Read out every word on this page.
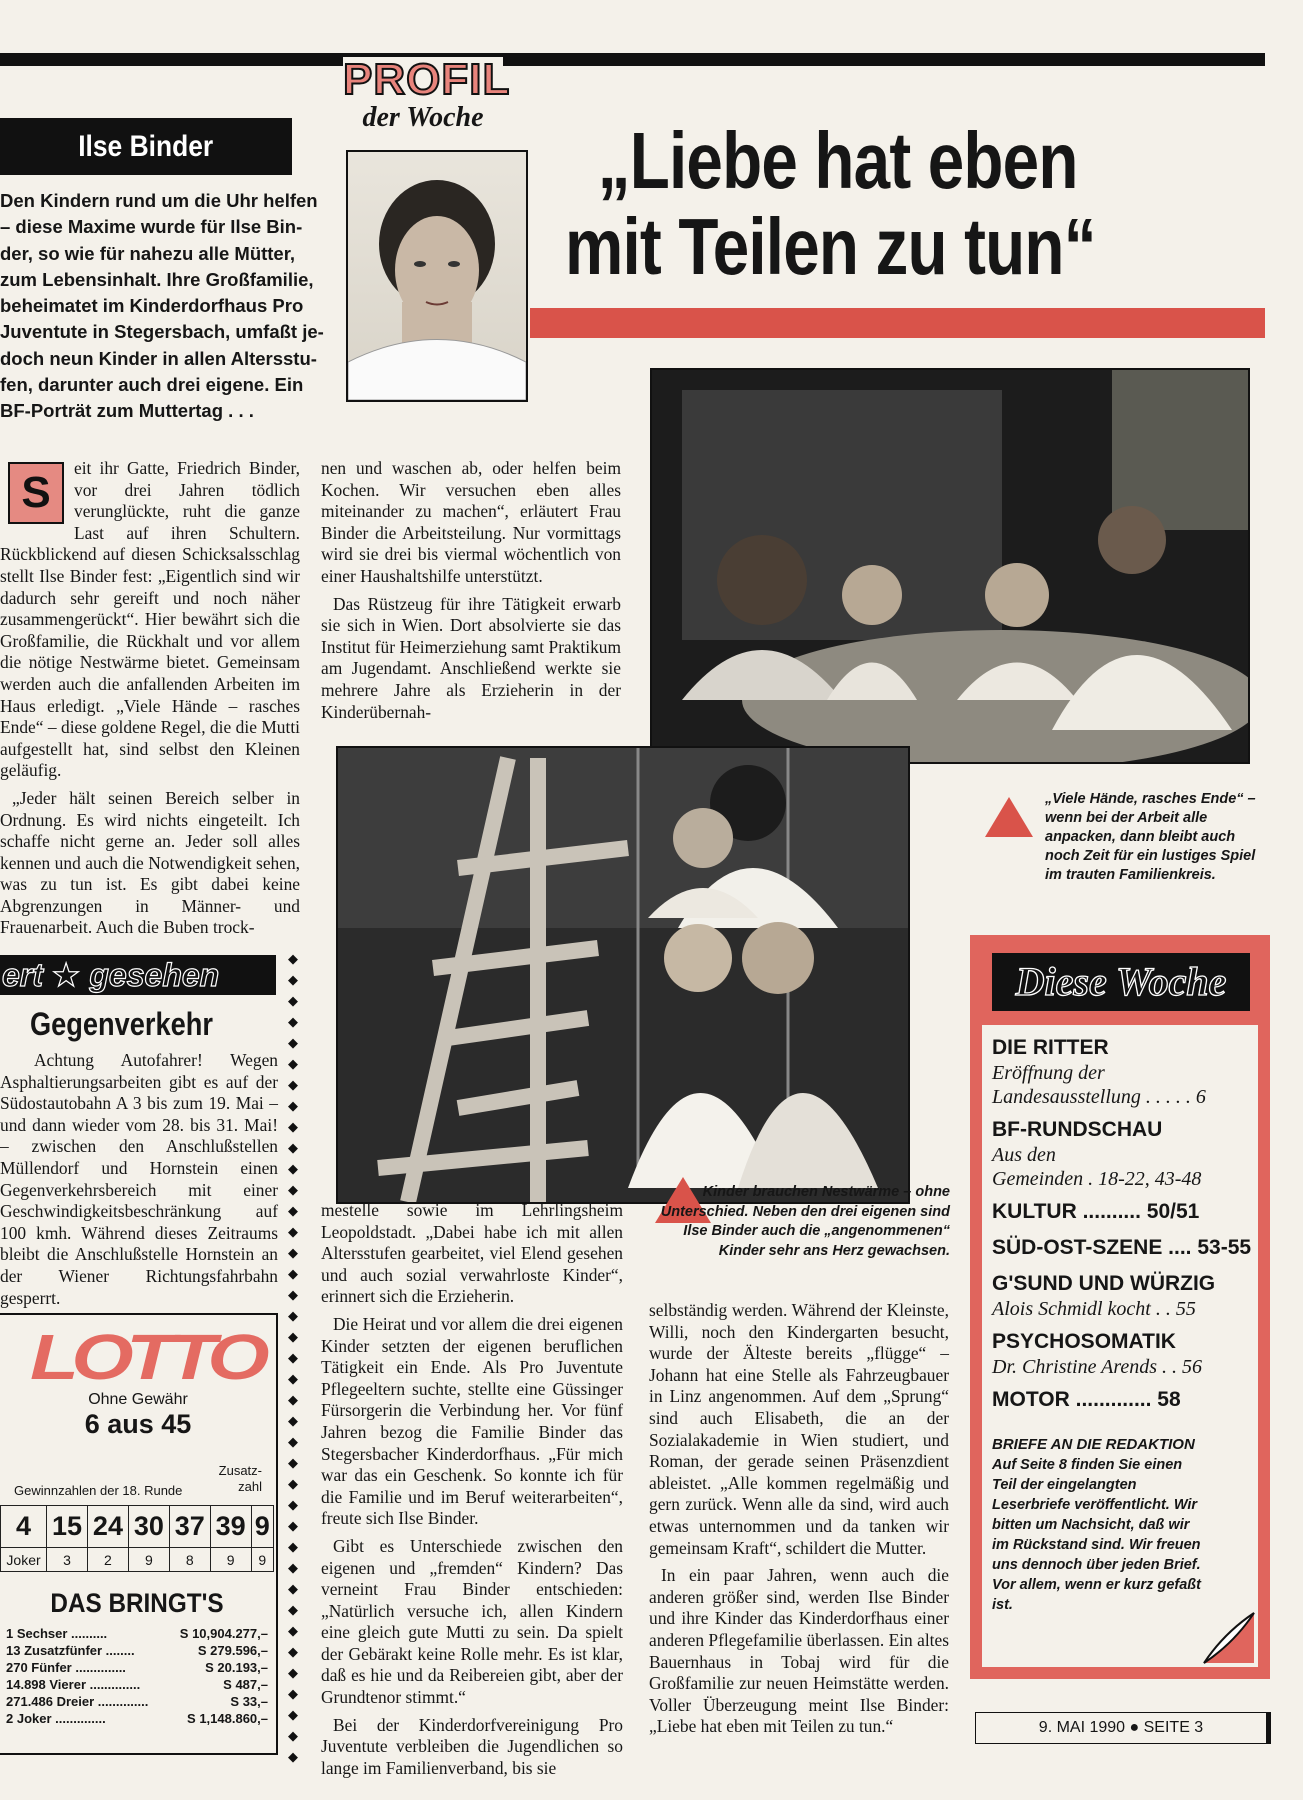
PROFIL
der Woche	„Liebe hat eben
mit Teilen zu tun“
Ilse Binder
Den Kindern rund um die Uhr helfen
– diese Maxime wurde für Ilse Bin-
der, so wie für nahezu alle Mütter,
zum Lebensinhalt. Ihre Großfamilie,
beheimatet im Kinderdorfhaus Pro
Juventute in Stegersbach, umfaßt je-
doch neun Kinder in allen Altersstu-
fen, darunter auch drei eigene. Ein
BF-Porträt zum Muttertag . . .
S	eit ihr Gatte, Friedrich Binder, vor drei Jahren tödlich verunglückte, ruht die ganze Last auf ihren Schultern. Rückblickend auf diesen Schicksalsschlag stellt Ilse Binder fest: „Eigentlich sind wir dadurch sehr gereift und noch näher zusammengerückt“. Hier bewährt sich die Großfamilie, die Rückhalt und vor allem die nötige Nestwärme bietet. Gemeinsam werden auch die anfallenden Arbeiten im Haus erledigt. „Viele Hände – rasches Ende“ – diese goldene Regel, die die Mutti aufgestellt hat, sind selbst den Kleinen geläufig.

„Jeder hält seinen Bereich selber in Ordnung. Es wird nichts eingeteilt. Ich schaffe nicht gerne an. Jeder soll alles kennen und auch die Notwendigkeit sehen, was zu tun ist. Es gibt dabei keine Abgrenzungen in Männer- und Frauenarbeit. Auch die Buben trock-

nen und waschen ab, oder helfen beim Kochen. Wir versuchen eben alles miteinander zu machen“, erläutert Frau Binder die Arbeitsteilung. Nur vormittags wird sie drei bis viermal wöchentlich von einer Haushaltshilfe unterstützt.

Das Rüstzeug für ihre Tätigkeit erwarb sie sich in Wien. Dort absolvierte sie das Institut für Heimerziehung samt Praktikum am Jugendamt. Anschließend werkte sie mehrere Jahre als Erzieherin in der Kinderübernah-

„Viele Hände, rasches Ende“ – wenn bei der Arbeit alle anpacken, dann bleibt auch noch Zeit für ein lustiges Spiel im trauten Familienkreis.
Kinder brauchen Nestwärme – ohne Unterschied. Neben den drei eigenen sind Ilse Binder auch die „angenommenen“ Kinder sehr ans Herz gewachsen.

mestelle sowie im Lehrlingsheim Leopoldstadt. „Dabei habe ich mit allen Altersstufen gearbeitet, viel Elend gesehen und auch sozial verwahrloste Kinder“, erinnert sich die Erzieherin.

Die Heirat und vor allem die drei eigenen Kinder setzten der eigenen beruflichen Tätigkeit ein Ende. Als Pro Juventute Pflegeeltern suchte, stellte eine Güssinger Fürsorgerin die Verbindung her. Vor fünf Jahren bezog die Familie Binder das Stegersbacher Kinderdorfhaus. „Für mich war das ein Geschenk. So konnte ich für die Familie und im Beruf weiterarbeiten“, freute sich Ilse Binder.

Gibt es Unterschiede zwischen den eigenen und „fremden“ Kindern? Das verneint Frau Binder entschieden: „Natürlich versuche ich, allen Kindern eine gleich gute Mutti zu sein. Da spielt der Gebärakt keine Rolle mehr. Es ist klar, daß es hie und da Reibereien gibt, aber der Grundtenor stimmt.“

Bei der Kinderdorfvereinigung Pro Juventute verbleiben die Jugendlichen so lange im Familienverband, bis sie

selbständig werden. Während der Kleinste, Willi, noch den Kindergarten besucht, wurde der Älteste bereits „flügge“ – Johann hat eine Stelle als Fahrzeugbauer in Linz angenommen. Auf dem „Sprung“ sind auch Elisabeth, die an der Sozialakademie in Wien studiert, und Roman, der gerade seinen Präsenzdient ableistet. „Alle kommen regelmäßig und gern zurück. Wenn alle da sind, wird auch etwas unternommen und da tanken wir gemeinsam Kraft“, schildert die Mutter.

In ein paar Jahren, wenn auch die anderen größer sind, werden Ilse Binder und ihre Kinder das Kinderdorfhaus einer anderen Pflegefamilie überlassen. Ein altes Bauernhaus in Tobaj wird für die Großfamilie zur neuen Heimstätte werden. Voller Überzeugung meint Ilse Binder: „Liebe hat eben mit Teilen zu tun.“

◆
◆
◆
◆
◆
◆
◆
◆
◆
◆
◆
◆
◆
◆
◆
◆
◆
◆
◆
◆
◆
◆
◆
◆
◆
◆
◆
◆
◆
◆
◆
◆
◆
◆
◆
◆
◆
◆
◆
ert ★ gesehen
Gegenverkehr

Achtung Autofahrer! Wegen Asphaltierungsarbeiten gibt es auf der Südostautobahn A 3 bis zum 19. Mai – und dann wieder vom 28. bis 31. Mai! – zwischen den Anschlußstellen Müllendorf und Hornstein einen Gegenverkehrsbereich mit einer Geschwindigkeitsbeschränkung auf 100 kmh. Während dieses Zeitraums bleibt die Anschlußstelle Hornstein an der Wiener Richtungsfahrbahn gesperrt.

LOTTO
Ohne Gewähr
6 aus 45
Zusatz-
zahl
Gewinnzahlen der 18. Runde
4	15	24	30	37	39	9
Joker	3	2	9	8	9	9
DAS BRINGT'S
1 Sechser ..........	S 10,904.277,–
13 Zusatzfünfer ........	S 279.596,–
270 Fünfer ..............	S 20.193,–
14.898 Vierer ..............	S 487,–
271.486 Dreier ..............	S 33,–
2 Joker ..............	S 1,148.860,–
Diese Woche
DIE RITTER
Eröffnung der
Landesausstellung . . . . . 6
BF-RUNDSCHAU
Aus den
Gemeinden . 18-22, 43-48
KULTUR .......... 50/51
SÜD-OST-SZENE .... 53-55
G'SUND UND WÜRZIG
Alois Schmidl kocht . . 55
PSYCHOSOMATIK
Dr. Christine Arends . . 56
MOTOR ............. 58
BRIEFE AN DIE REDAKTION
Auf Seite 8 finden Sie einen Teil der eingelangten Leserbriefe veröffentlicht. Wir bitten um Nachsicht, daß wir im Rückstand sind. Wir freuen uns dennoch über jeden Brief. Vor allem, wenn er kurz gefaßt ist.
9. MAI 1990 ● SEITE 3
